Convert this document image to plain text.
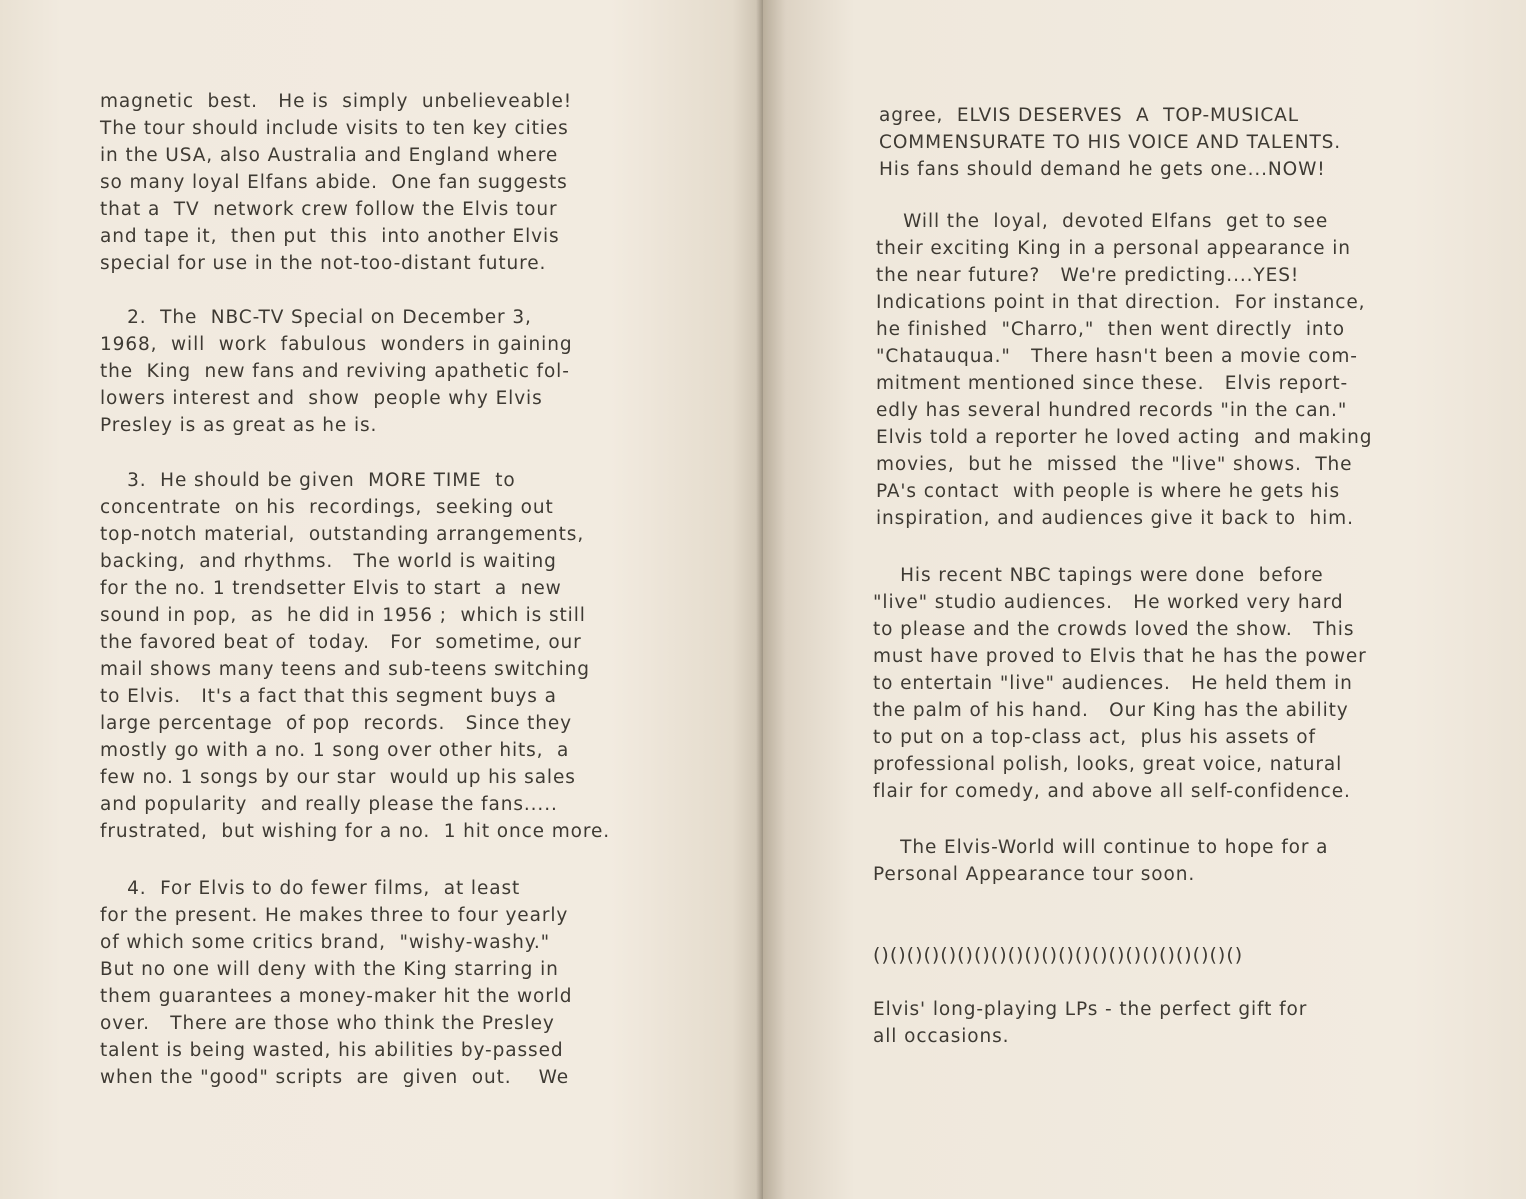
magnetic  best.   He is  simply  unbelieveable!
The tour should include visits to ten key cities
in the USA, also Australia and England where
so many loyal Elfans abide.  One fan suggests
that a  TV  network crew follow the Elvis tour
and tape it,  then put  this  into another Elvis
special for use in the not-too-distant future.

2.  The  NBC-TV Special on December 3,
1968,  will  work  fabulous  wonders in gaining
the  King  new fans and reviving apathetic fol-
lowers interest and  show  people why Elvis
Presley is as great as he is.

3.  He should be given  MORE TIME  to
concentrate  on his  recordings,  seeking out
top-notch material,  outstanding arrangements,
backing,  and rhythms.   The world is waiting
for the no. 1 trendsetter Elvis to start  a  new
sound in pop,  as  he did in 1956 ;  which is still
the favored beat of  today.   For  sometime, our
mail shows many teens and sub-teens switching
to Elvis.   It's a fact that this segment buys a
large percentage  of pop  records.   Since they
mostly go with a no. 1 song over other hits,  a
few no. 1 songs by our star  would up his sales
and popularity  and really please the fans.....
frustrated,  but wishing for a no.  1 hit once more.

4.  For Elvis to do fewer films,  at least
for the present. He makes three to four yearly
of which some critics brand,  "wishy-washy."
But no one will deny with the King starring in
them guarantees a money-maker hit the world
over.   There are those who think the Presley
talent is being wasted, his abilities by-passed
when the "good" scripts  are  given  out.    We

agree,  ELVIS DESERVES  A  TOP-MUSICAL
COMMENSURATE TO HIS VOICE AND TALENTS.
His fans should demand he gets one...NOW!

Will the  loyal,  devoted Elfans  get to see
their exciting King in a personal appearance in
the near future?   We're predicting....YES!
Indications point in that direction.  For instance,
he finished  "Charro,"  then went directly  into
"Chatauqua."   There hasn't been a movie com-
mitment mentioned since these.   Elvis report-
edly has several hundred records "in the can."
Elvis told a reporter he loved acting  and making
movies,  but he  missed  the "live" shows.  The
PA's contact  with people is where he gets his
inspiration, and audiences give it back to  him.

His recent NBC tapings were done  before
"live" studio audiences.   He worked very hard
to please and the crowds loved the show.   This
must have proved to Elvis that he has the power
to entertain "live" audiences.   He held them in
the palm of his hand.   Our King has the ability
to put on a top-class act,  plus his assets of
professional polish, looks, great voice, natural
flair for comedy, and above all self-confidence.

The Elvis-World will continue to hope for a
Personal Appearance tour soon.

()()()()()()()()()()()()()()()()()()()()()()

Elvis' long-playing LPs - the perfect gift for
all occasions.
